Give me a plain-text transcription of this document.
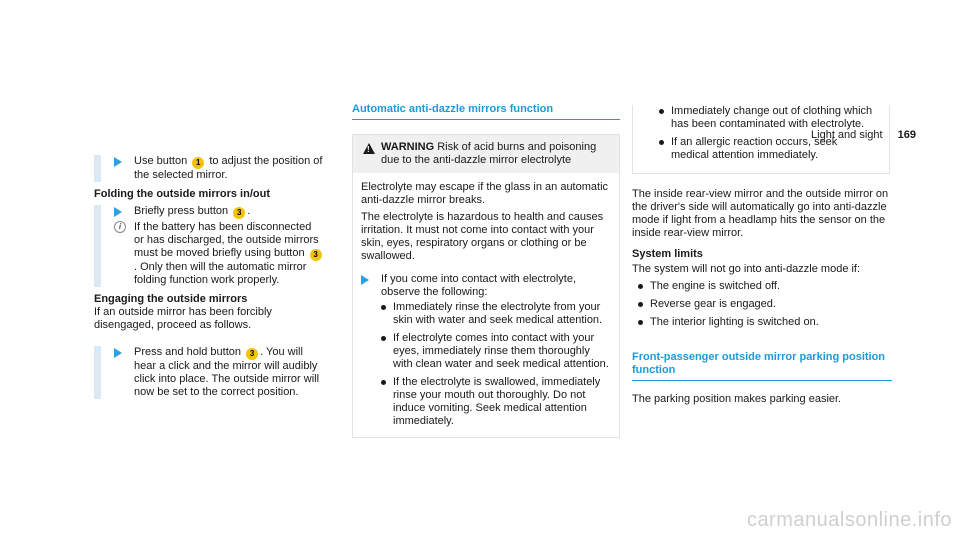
Light and sight 169
Use button 1 to adjust the position of the selected mirror.
Folding the outside mirrors in/out
Briefly press button 3 .
i	If the battery has been disconnected or has discharged, the outside mirrors must be moved briefly using button 3. Only then will the automatic mirror folding function work properly.
Engaging the outside mirrors

If an outside mirror has been forcibly disengaged, proceed as follows.

Press and hold button 3 . You will hear a click and the mirror will audibly click into place. The outside mirror will now be set to the correct position.
Automatic anti-dazzle mirrors function
!
WARNING Risk of acid burns and poisoning due to the anti-dazzle mirror electrolyte

Electrolyte may escape if the glass in an automatic anti-dazzle mirror breaks.

The electrolyte is hazardous to health and causes irritation. It must not come into contact with your skin, eyes, respiratory organs or clothing or be swallowed.

If you come into contact with electrolyte, observe the following:
Immediately rinse the electrolyte from your skin with water and seek medical attention.
If electrolyte comes into contact with your eyes, immediately rinse them thoroughly with clean water and seek medical attention.
If the electrolyte is swallowed, immediately rinse your mouth out thoroughly. Do not induce vomiting. Seek medical attention immediately.
Immediately change out of clothing which has been contaminated with electrolyte.
If an allergic reaction occurs, seek medical attention immediately.

The inside rear-view mirror and the outside mirror on the driver's side will automatically go into anti-dazzle mode if light from a headlamp hits the sensor on the inside rear-view mirror.

System limits

The system will not go into anti-dazzle mode if:

The engine is switched off.
Reverse gear is engaged.
The interior lighting is switched on.
Front-passenger outside mirror parking position function

The parking position makes parking easier.

carmanualsonline.info
